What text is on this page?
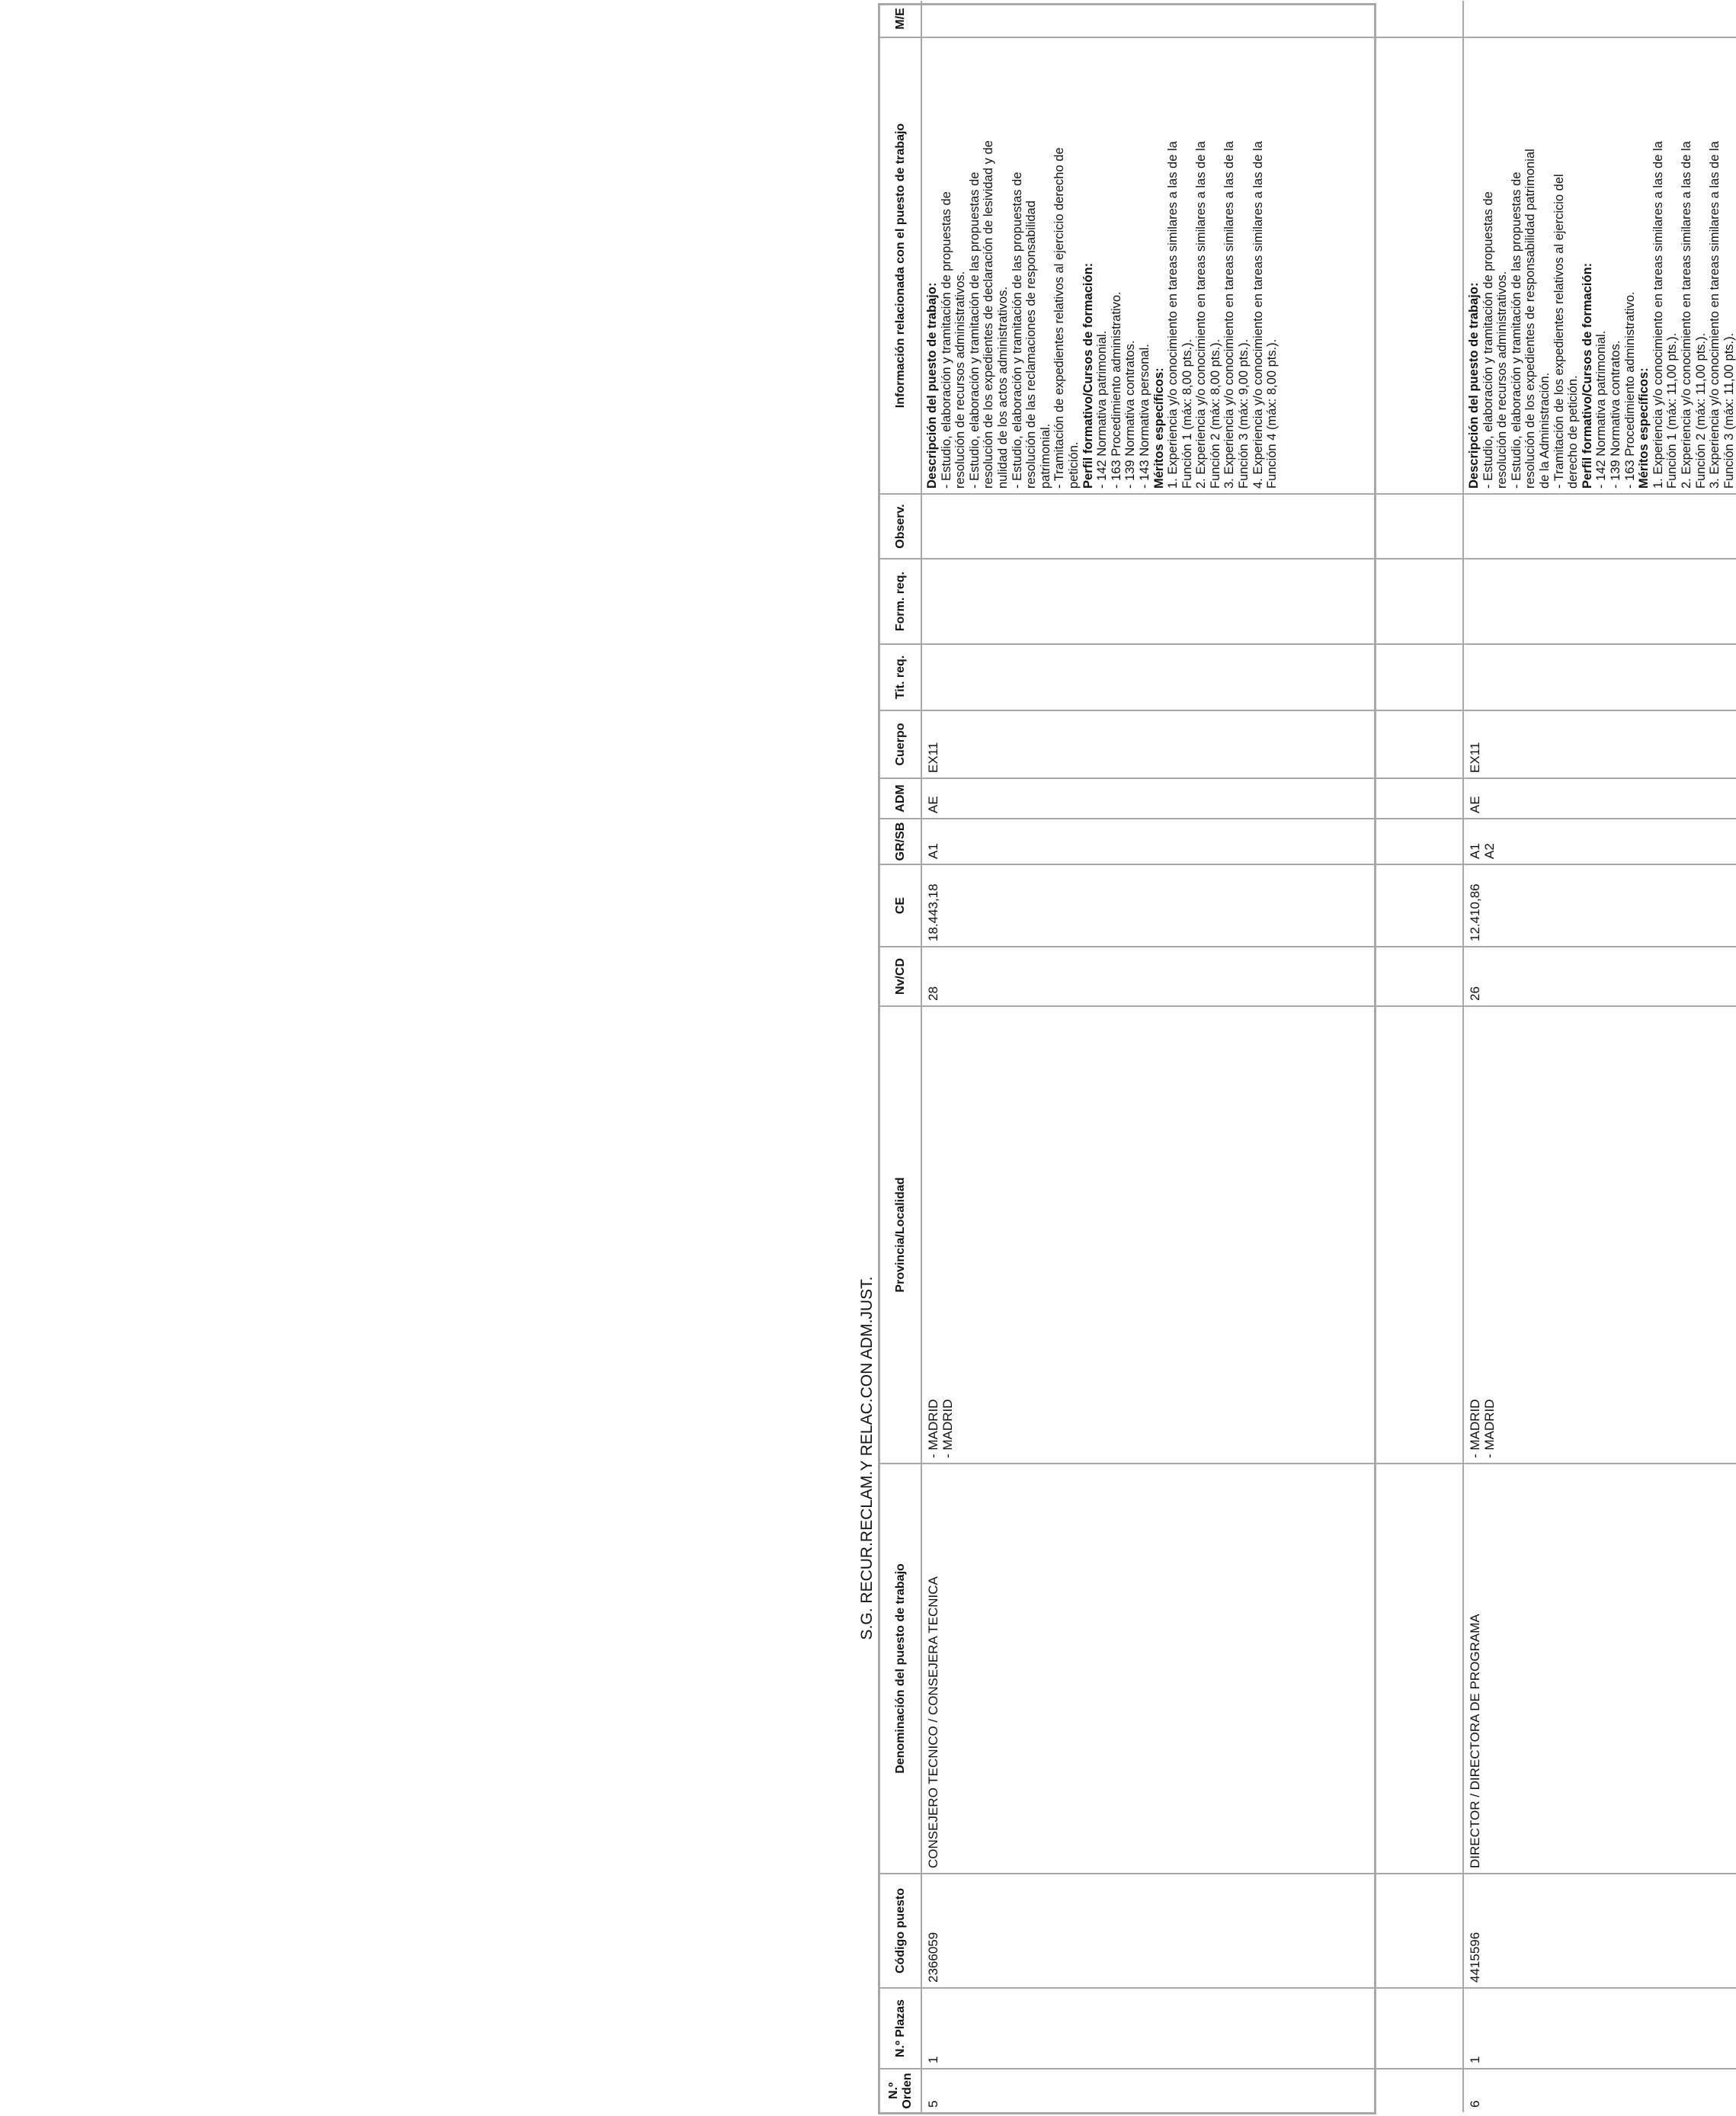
S.G. RECUR.RECLAM.Y RELAC.CON ADM.JUST.
N.º Orden
N.º Plazas
Código puesto
Denominación del puesto de trabajo
Provincia/Localidad
Nv/
CD
CE
GR/
SB
ADM
Cuerpo
Tit. req.
Form. req.
Observ.
Información relacionada con el puesto de trabajo
M/E
5
1
2366059
CONSEJERO TECNICO / CONSEJERA TECNICA
- MADRID - MADRID
28
18.443,18
A1
AE
EX11
Descripción del puesto de trabajo: - Estudio, elaboración y tramitación de propuestas de resolución de recursos administrativos. - Estudio, elaboración y tramitación de las propuestas de resolución de los expedientes de declaración de lesividad y de nulidad de los actos administrativos. - Estudio, elaboración y tramitación de las propuestas de resolución de las reclamaciones de responsabilidad patrimonial. - Tramitación de expedientes relativos al ejercicio derecho de petición. Perfil formativo/Cursos de formación: - 142 Normativa patrimonial. - 163 Procedimiento administrativo. - 139 Normativa contratos. - 143 Normativa personal. Méritos específicos: 1. Experiencia y/o conocimiento en tareas similares a las de la Función 1 (máx: 8,00 pts.). 2. Experiencia y/o conocimiento en tareas similares a las de la Función 2 (máx: 8,00 pts.). 3. Experiencia y/o conocimiento en tareas similares a las de la Función 3 (máx: 9,00 pts.). 4. Experiencia y/o conocimiento en tareas similares a las de la Función 4 (máx: 8,00 pts.).
6
1
4415596
DIRECTOR / DIRECTORA DE PROGRAMA
- MADRID - MADRID
26
12.410,86
A1 A2
AE
EX11
Descripción del puesto de trabajo: - Estudio, elaboración y tramitación de propuestas de resolución de recursos administrativos. - Estudio, elaboración y tramitación de las propuestas de resolución de los expedientes de responsabilidad patrimonial de la Administración. - Tramitación de los expedientes relativos al ejercicio del derecho de petición. Perfil formativo/Cursos de formación: - 142 Normativa patrimonial. - 139 Normativa contratos. - 163 Procedimiento administrativo. Méritos específicos: 1. Experiencia y/o conocimiento en tareas similares a las de la Función 1 (máx: 11,00 pts.). 2. Experiencia y/o conocimiento en tareas similares a las de la Función 2 (máx: 11,00 pts.). 3. Experiencia y/o conocimiento en tareas similares a las de la Función 3 (máx: 11,00 pts.).
